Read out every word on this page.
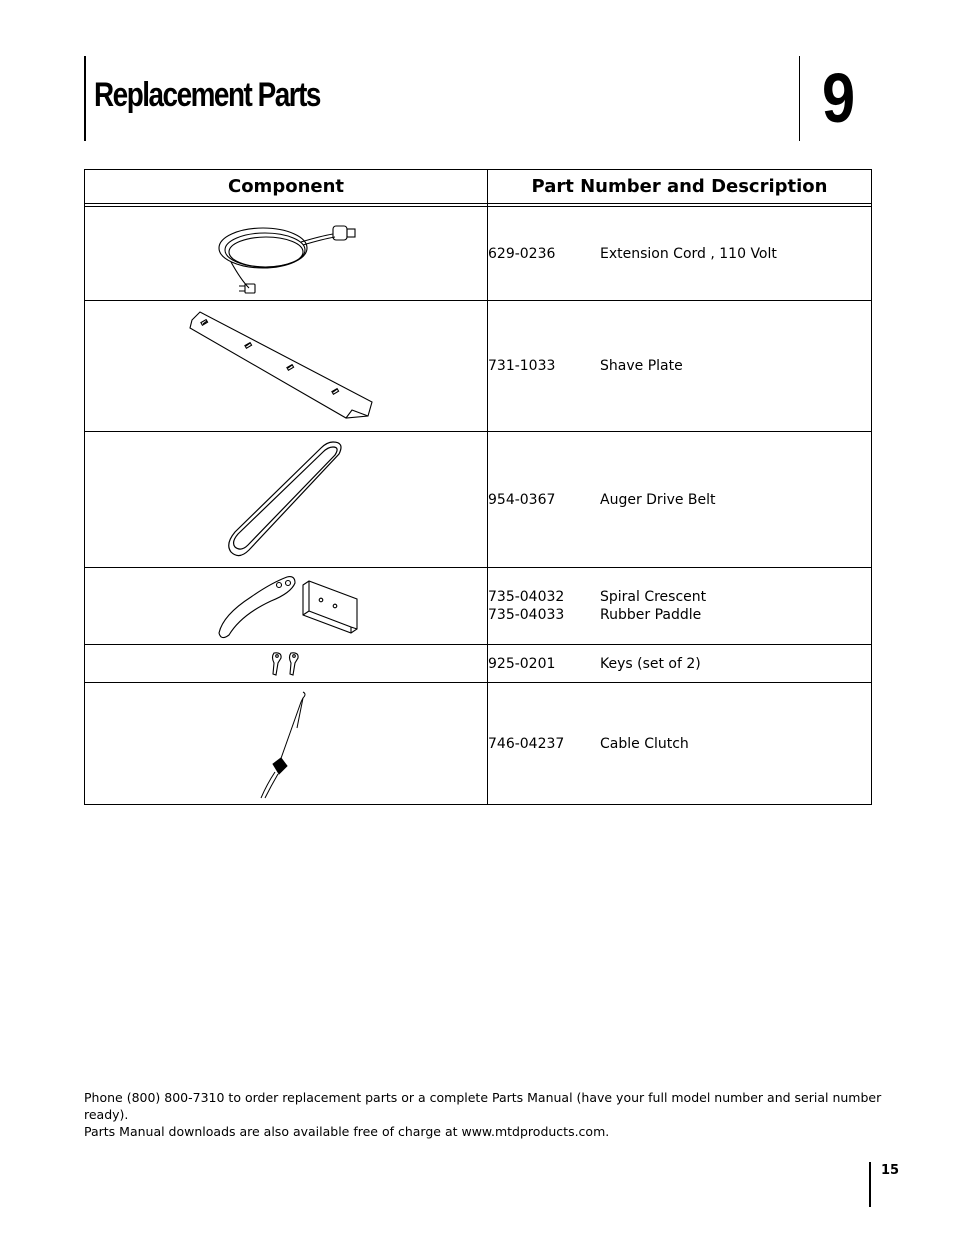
Replacement Parts	9
Component	Part Number and Description

629-0236 Extension Cord , 110 Volt

731-1033 Shave Plate

954-0367 Auger Drive Belt

735-04032 Spiral Crescent
735-04033 Rubber Paddle

925-0201 Keys (set of 2)

746-04237 Cable Clutch
Phone (800) 800-7310 to order replacement parts or a complete Parts Manual (have your full model number and serial number ready).
Parts Manual downloads are also available free of charge at www.mtdproducts.com.
15
